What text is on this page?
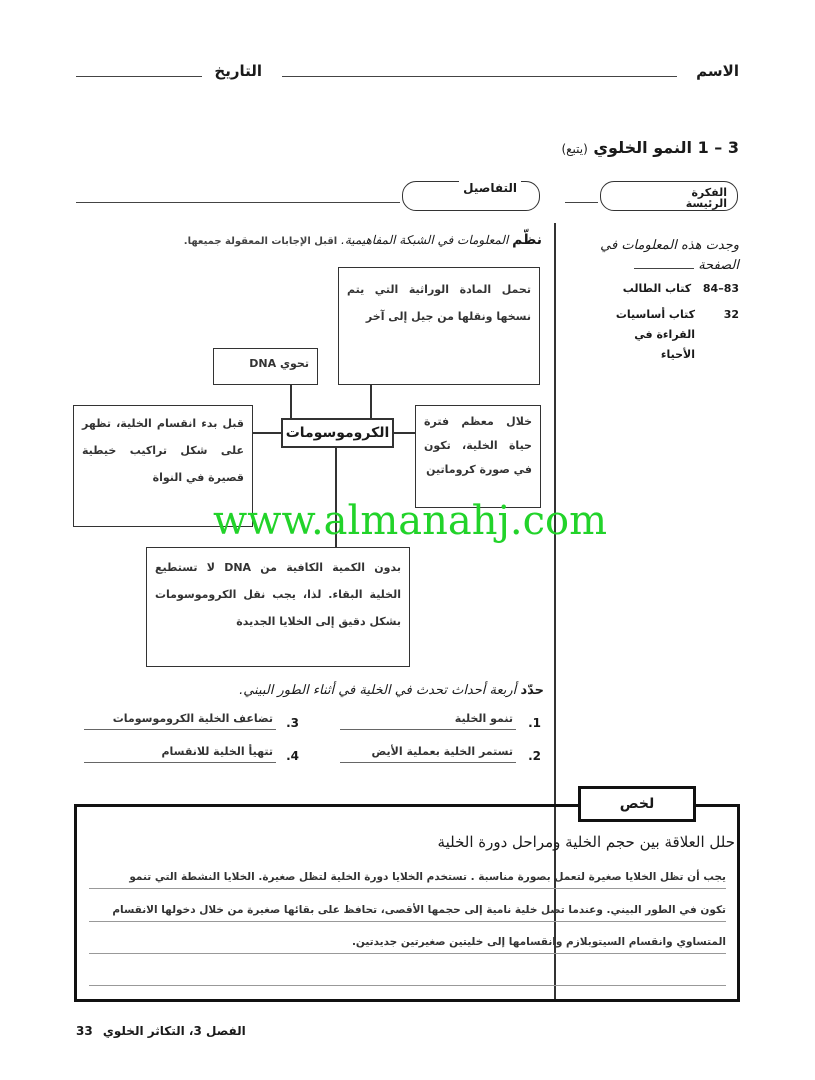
الاسم
التاريخ
3 – 1 النمو الخلوي (يتبع)
الفكرة الرئيسة
التفاصيل
وجدت هذه المعلومات في الصفحة
83–84 كتاب الطالب
32
كتاب أساسيات القراءة في الأحياء
نظّم المعلومات في الشبكة المفاهيمية. اقبل الإجابات المعقولة جميعها.
تحمل المادة الوراثية التي يتم نسخها ونقلها من جيل إلى آخر
تحوي DNA
الكروموسومات
قبل بدء انقسام الخلية، تظهر على شكل تراكيب خيطية قصيرة في النواة
خلال معظم فترة حياة الخلية، تكون في صورة كروماتين
بدون الكمية الكافية من DNA لا تستطيع الخلية البقاء. لذا، يجب نقل الكروموسومات بشكل دقيق إلى الخلايا الجديدة
www.almanahj.com
حدّد أربعة أحداث تحدث في الخلية في أثناء الطور البيني.
1.
تنمو الخلية
2.
تستمر الخلية بعملية الأيض
3.
تضاعف الخلية الكروموسومات
4.
تتهيأ الخلية للانقسام
لخص
حلل العلاقة بين حجم الخلية ومراحل دورة الخلية
يجب أن تظل الخلايا صغيرة لتعمل بصورة مناسبة . تستخدم الخلايا دورة الخلية لتظل صغيرة. الخلايا النشطة التي تنمو
تكون في الطور البيني. وعندما تصل خلية نامية إلى حجمها الأقصى، تحافظ على بقائها صغيرة من خلال دخولها الانقسام
المتساوي وانقسام السيتوبلازم وانقسامها إلى خليتين صغيرتين جديدتين.
الفصل 3، التكاثر الخلوي 33
